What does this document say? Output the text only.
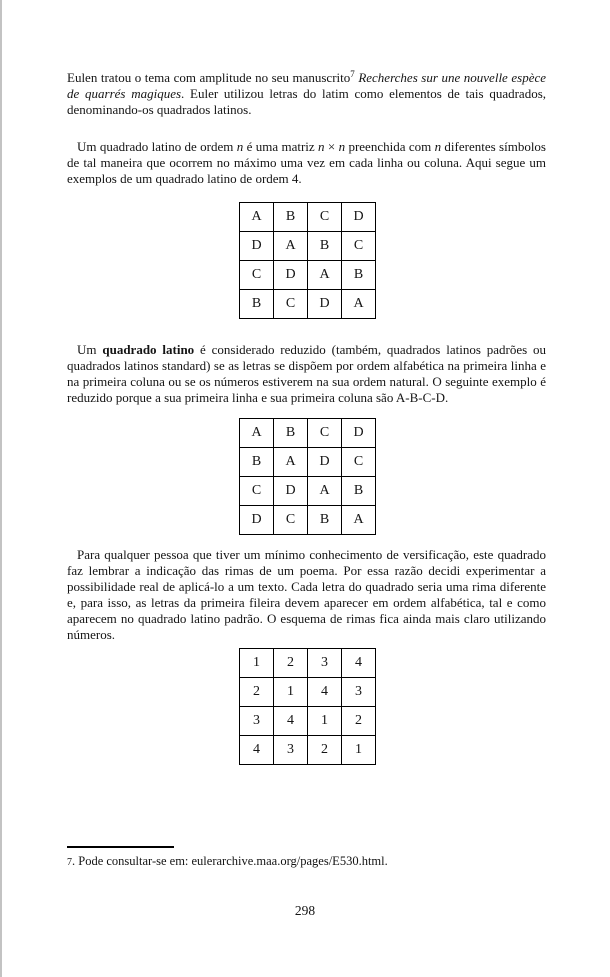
Eulen tratou o tema com amplitude no seu manuscrito$^7$ Recherches sur une nouvelle espèce de quarrés magiques. Euler utilizou letras do latim como elementos de tais quadrados, denominando-os quadrados latinos.

Um quadrado latino de ordem n é uma matriz n × n preenchida com n diferentes símbolos de tal maneira que ocorrem no máximo uma vez em cada linha ou coluna. Aqui segue um exemplos de um quadrado latino de ordem 4.

A	B	C	D
D	A	B	C
C	D	A	B
B	C	D	A

Um quadrado latino é considerado reduzido (também, quadrados latinos padrões ou quadrados latinos standard) se as letras se dispõem por ordem alfabética na primeira linha e na primeira coluna ou se os números estiverem na sua ordem natural. O seguinte exemplo é reduzido porque a sua primeira linha e sua primeira coluna são A-B-C-D.

A	B	C	D
B	A	D	C
C	D	A	B
D	C	B	A

Para qualquer pessoa que tiver um mínimo conhecimento de versificação, este quadrado faz lembrar a indicação das rimas de um poema. Por essa razão decidi experimentar a possibilidade real de aplicá-lo a um texto. Cada letra do quadrado seria uma rima diferente e, para isso, as letras da primeira fileira devem aparecer em ordem alfabética, tal e como aparecem no quadrado latino padrão. O esquema de rimas fica ainda mais claro utilizando números.

1	2	3	4
2	1	4	3
3	4	1	2
4	3	2	1

7. Pode consultar-se em: eulerarchive.maa.org/pages/E530.html.

298
